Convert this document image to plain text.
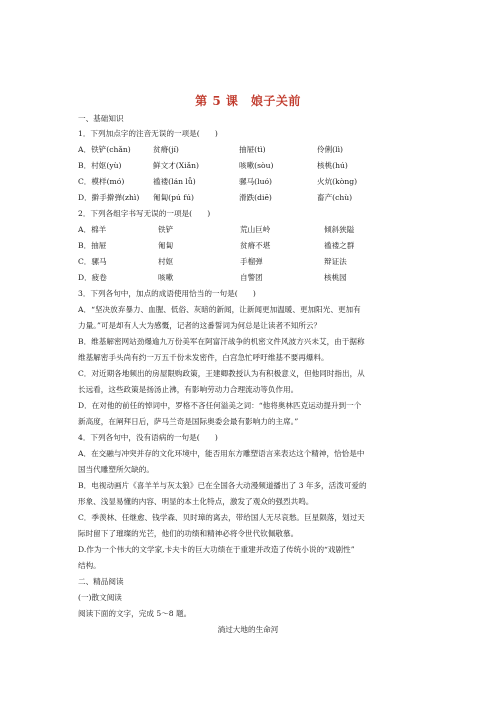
第 5 课　娘子关前
一、基础知识
1．下列加点字的注音无误的一项是(　　)
A．铁铲(chǎn)	贫瘠(jí)	抽屉(tì)	伶俐(lì)
B．村妪(yù)	鲜文才(Xiǎn)	咳嗽(sòu)	核桃(hú)
C．模样(mó)	褴褛(lán lǚ)	骡马(luó)	火炕(kòng)
D．擀手擀弹(zhì)	匍匐(pú fú)	滑跌(diē)	畜产(chù)
2．下列各组字书写无误的一项是(　　)
A．棉羊	铁铲	荒山巨岭	倾斜狭隘
B．抽屉	匍匐	贫瘠不堪	褴褛之群
C．骡马	村妪	手榴弹	辩证法
D．疲卷	咳嗽	自警团	核桃园
3．下列各句中，加点的成语使用恰当的一句是(　　)
A．“坚决放弃暴力、血腥、低俗、灰暗的新闻，让新闻更加温暖、更加阳光、更加有
力量。”可是却有人大为感慨，记者的这番誓词为何总是让读者不知所云？
B．维基解密网站劲爆逾九万份美军在阿富汗战争的机密文件风波方兴未艾，由于据称
维基解密手头尚有约一万五千份未发密件，白宫急忙呼吁维基不要再爆料。
C．对近期各地频出的房屋限购政策，王建卿教授认为有积极意义，但他同时指出，从
长远看，这些政策是扬汤止沸，有影响劳动力合理流动等负作用。
D．在对他的前任的悼词中，罗格不吝任何溢美之词：“他将奥林匹克运动提升到一个
新高度，在阐拜日后，萨马兰奇是国际奥委会最有影响力的主席。”
4．下列各句中，没有语病的一句是(　　)
A．在交融与冲突并存的文化环境中，能否用东方雕塑语言来表达这个精神，恰恰是中
国当代雕塑所欠缺的。
B．电视动画片《喜羊羊与灰太狼》已在全国各大动漫频道播出了 3 年多，活泼可爱的
形象、浅显易懂的内容、明显的本土化特点，激发了观众的强烈共鸣。
C．季羡林、任继愈、钱学森、贝时璋的离去，带给国人无尽哀愁。巨星陨落，划过天
际时留下了璀璨的光芒，他们的功绩和精神必将令世代钦佩敬慕。
D.作为一个伟大的文学家,卡夫卡的巨大功绩在于重建并改造了传统小说的“戏剧性”
结构。
二、精品阅读
(一)散文阅读
阅读下面的文字，完成 5～8 题。
淌过大地的生命河
